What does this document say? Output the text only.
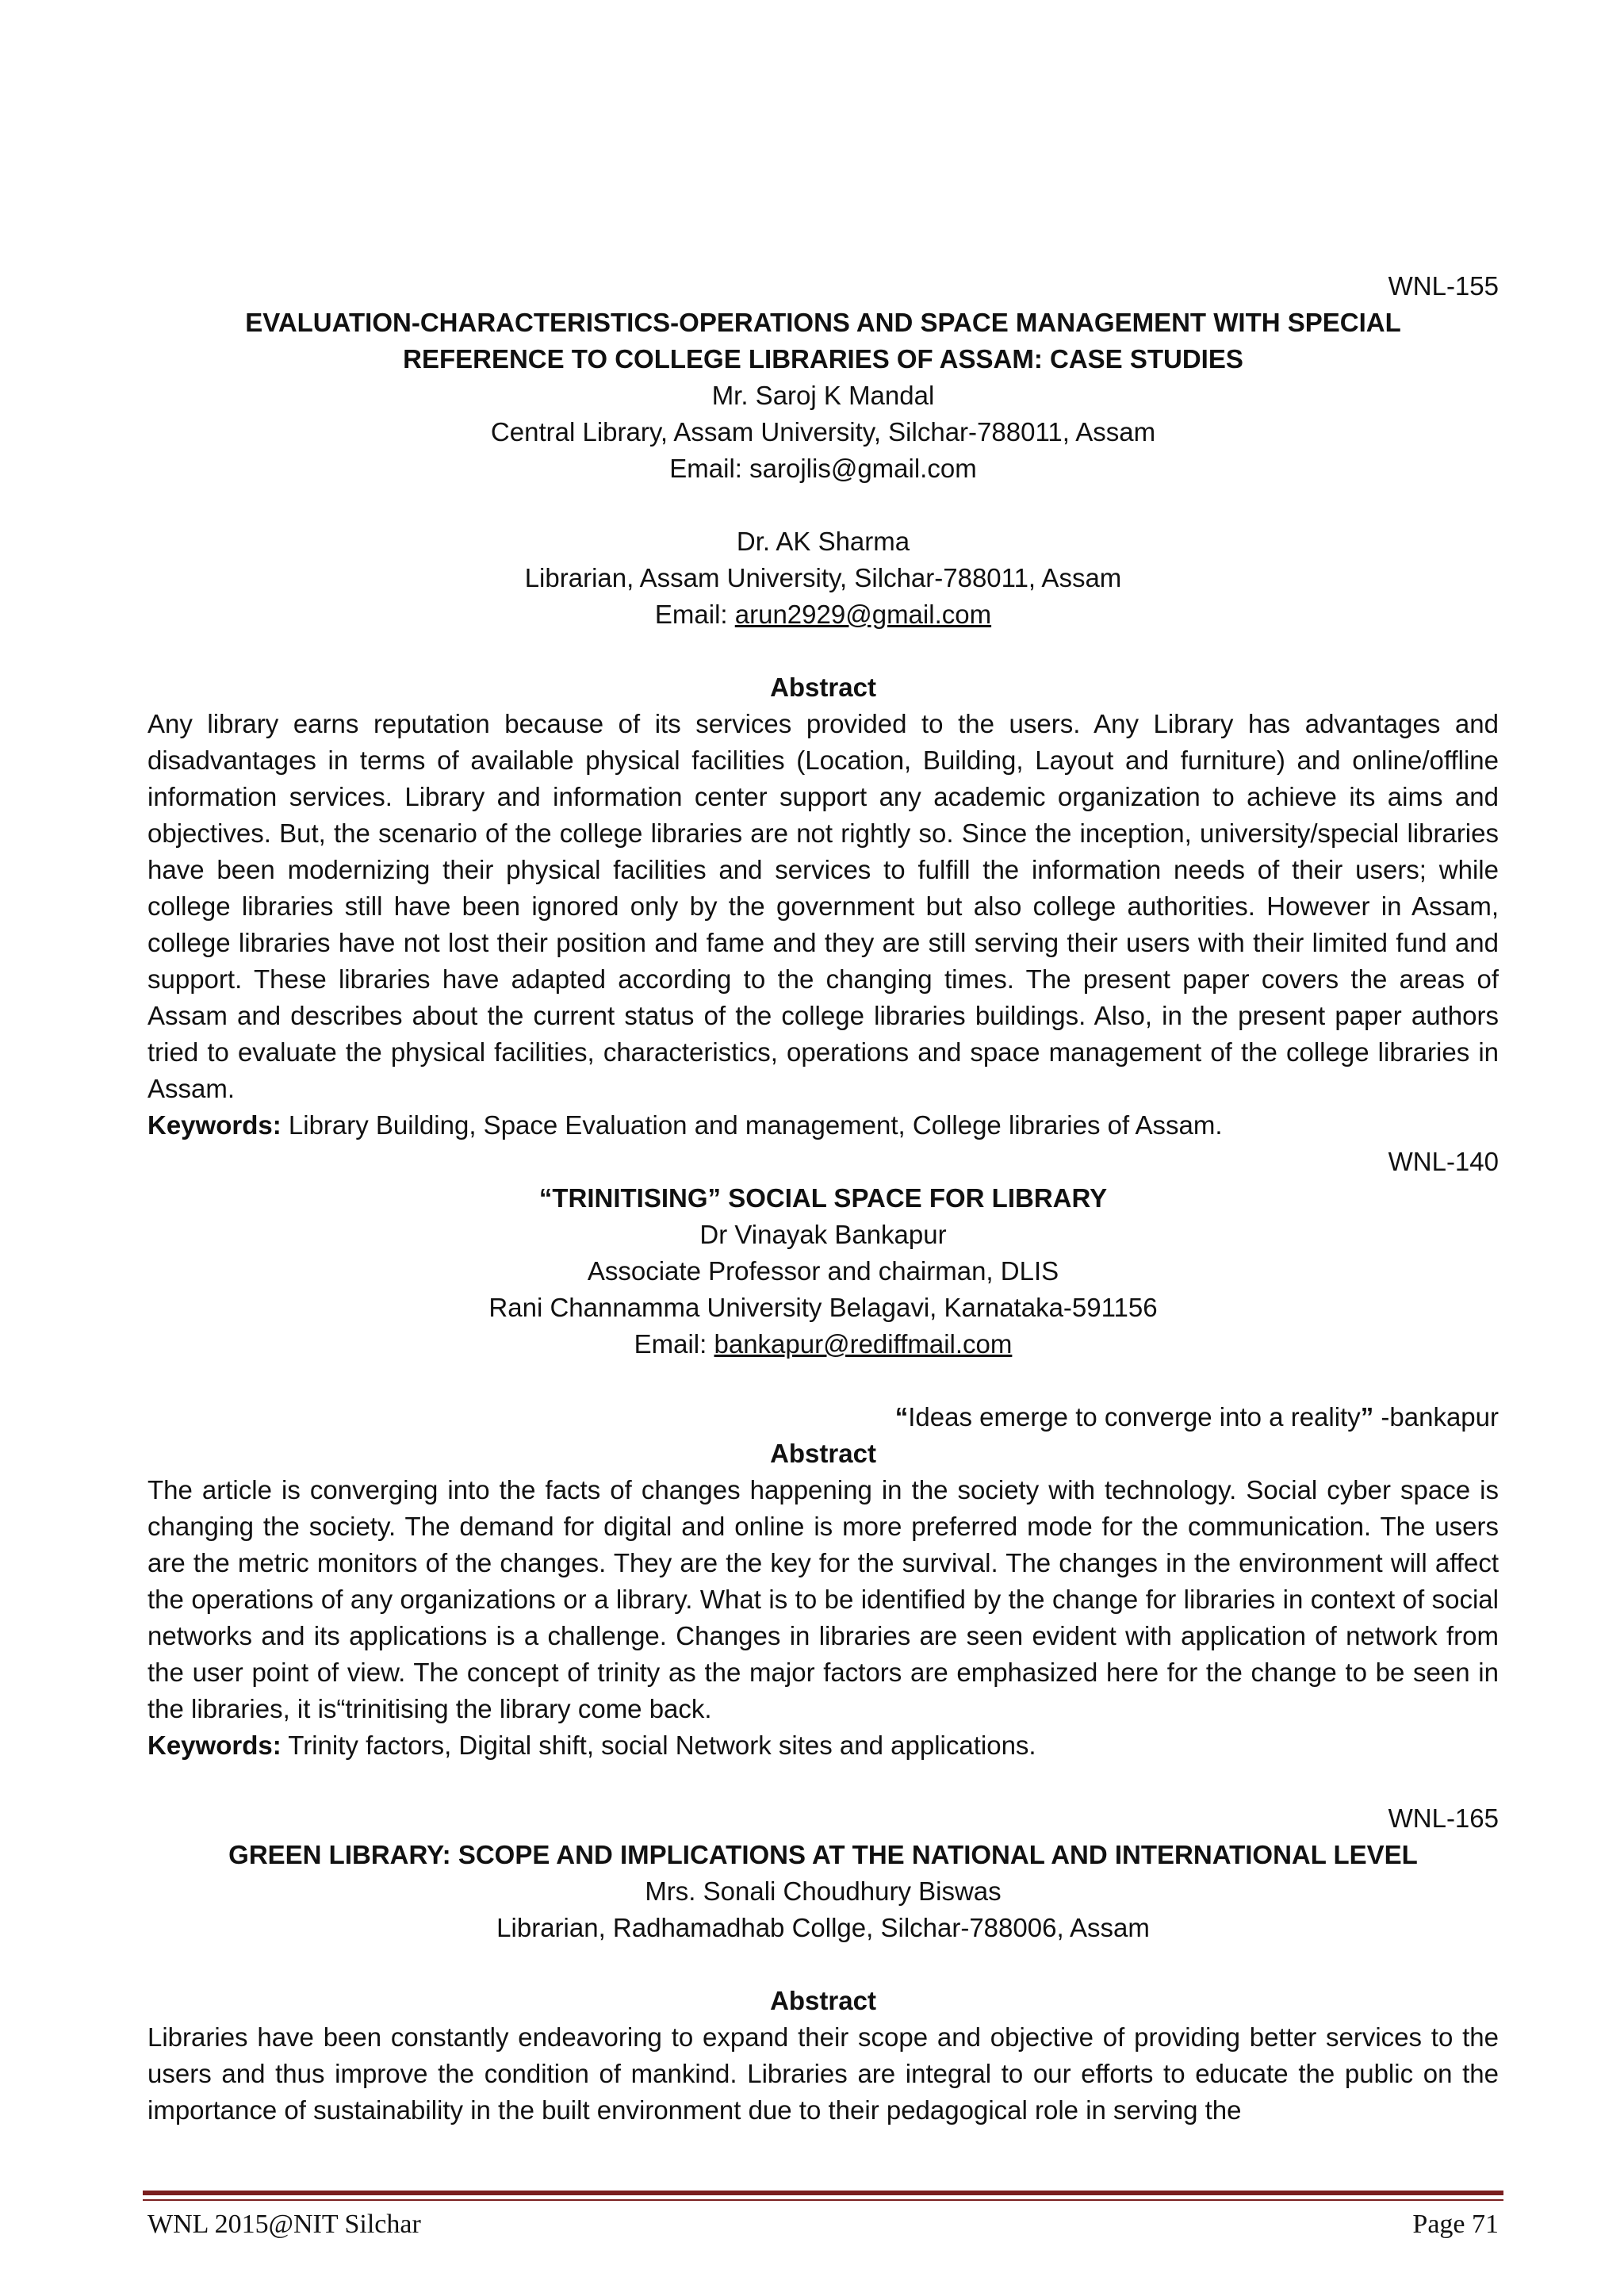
WNL-155

EVALUATION-CHARACTERISTICS-OPERATIONS AND SPACE MANAGEMENT WITH SPECIAL

REFERENCE TO COLLEGE LIBRARIES OF ASSAM: CASE STUDIES

Mr. Saroj K Mandal

Central Library, Assam University, Silchar-788011, Assam

Email: sarojlis@gmail.com

Dr. AK Sharma

Librarian, Assam University, Silchar-788011, Assam

Email: arun2929@gmail.com

Abstract

Any library earns reputation because of its services provided to the users. Any Library has advantages and disadvantages in terms of available physical facilities (Location, Building, Layout and furniture) and online/offline information services. Library and information center support any academic organization to achieve its aims and objectives. But, the scenario of the college libraries are not rightly so. Since the inception, university/special libraries have been modernizing their physical facilities and services to fulfill the information needs of their users; while college libraries still have been ignored only by the government but also college authorities. However in Assam, college libraries have not lost their position and fame and they are still serving their users with their limited fund and support. These libraries have adapted according to the changing times. The present paper covers the areas of Assam and describes about the current status of the college libraries buildings. Also, in the present paper authors tried to evaluate the physical facilities, characteristics, operations and space management of the college libraries in Assam.

Keywords: Library Building, Space Evaluation and management, College libraries of Assam.

WNL-140

“TRINITISING” SOCIAL SPACE FOR LIBRARY

Dr Vinayak Bankapur

Associate Professor and chairman, DLIS

Rani Channamma University Belagavi, Karnataka-591156

Email: bankapur@rediffmail.com

“Ideas emerge to converge into a reality” -bankapur

Abstract

The article is converging into the facts of changes happening in the society with technology. Social cyber space is changing the society. The demand for digital and online is more preferred mode for the communication. The users are the metric monitors of the changes. They are the key for the survival. The changes in the environment will affect the operations of any organizations or a library. What is to be identified by the change for libraries in context of social networks and its applications is a challenge. Changes in libraries are seen evident with application of network from the user point of view. The concept of trinity as the major factors are emphasized here for the change to be seen in the libraries, it is“trinitising the library come back.

Keywords: Trinity factors, Digital shift, social Network sites and applications.

WNL-165

GREEN LIBRARY: SCOPE AND IMPLICATIONS AT THE NATIONAL AND INTERNATIONAL LEVEL

Mrs. Sonali Choudhury Biswas

Librarian, Radhamadhab Collge, Silchar-788006, Assam

Abstract

Libraries have been constantly endeavoring to expand their scope and objective of providing better services to the users and thus improve the condition of mankind. Libraries are integral to our efforts to educate the public on the importance of sustainability in the built environment due to their pedagogical role in serving the

WNL 2015@NIT Silchar	Page 71
